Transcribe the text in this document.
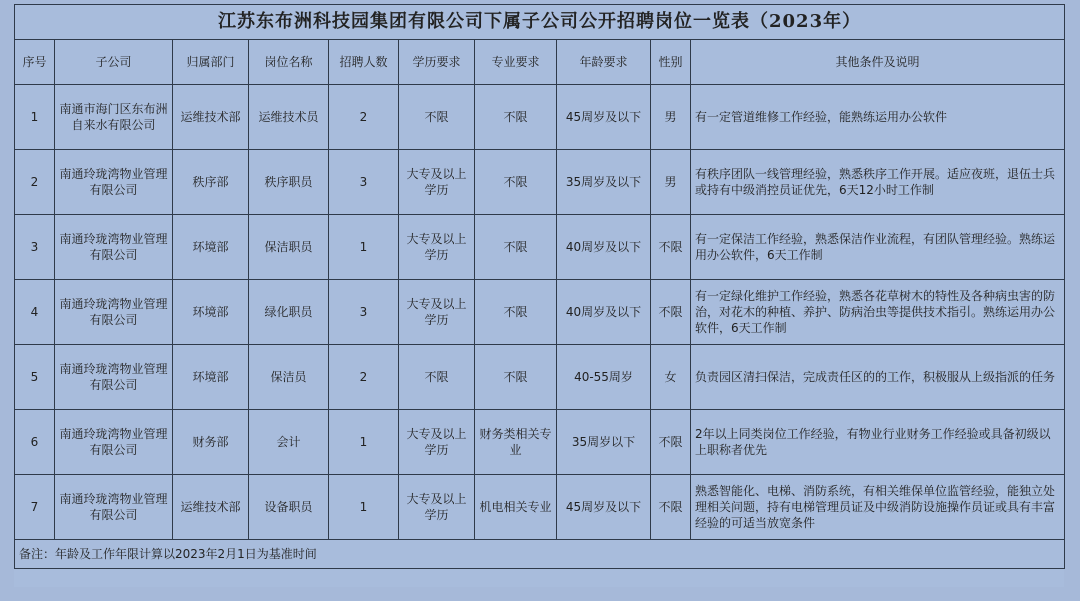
江苏东布洲科技园集团有限公司下属子公司公开招聘岗位一览表（2023年）									
序号	子公司	归属部门	岗位名称	招聘人数	学历要求	专业要求	年龄要求	性别	其他条件及说明
1	南通市海门区东布洲自来水有限公司	运维技术部	运维技术员	2	不限	不限	45周岁及以下	男	有一定管道维修工作经验，能熟练运用办公软件
2	南通玲珑湾物业管理有限公司	秩序部	秩序职员	3	大专及以上学历	不限	35周岁及以下	男	有秩序团队一线管理经验，熟悉秩序工作开展。适应夜班，退伍士兵或持有中级消控员证优先，6天12小时工作制
3	南通玲珑湾物业管理有限公司	环境部	保洁职员	1	大专及以上学历	不限	40周岁及以下	不限	有一定保洁工作经验，熟悉保洁作业流程，有团队管理经验。熟练运用办公软件，6天工作制
4	南通玲珑湾物业管理有限公司	环境部	绿化职员	3	大专及以上学历	不限	40周岁及以下	不限	有一定绿化维护工作经验，熟悉各花草树木的特性及各种病虫害的防治，对花木的种植、养护、防病治虫等提供技术指引。熟练运用办公软件，6天工作制
5	南通玲珑湾物业管理有限公司	环境部	保洁员	2	不限	不限	40-55周岁	女	负责园区清扫保洁，完成责任区的的工作，积极服从上级指派的任务
6	南通玲珑湾物业管理有限公司	财务部	会计	1	大专及以上学历	财务类相关专业	35周岁以下	不限	2年以上同类岗位工作经验，有物业行业财务工作经验或具备初级以上职称者优先
7	南通玲珑湾物业管理有限公司	运维技术部	设备职员	1	大专及以上学历	机电相关专业	45周岁及以下	不限	熟悉智能化、电梯、消防系统，有相关维保单位监管经验，能独立处理相关问题，持有电梯管理员证及中级消防设施操作员证或具有丰富经验的可适当放宽条件
备注：年龄及工作年限计算以2023年2月1日为基准时间									
